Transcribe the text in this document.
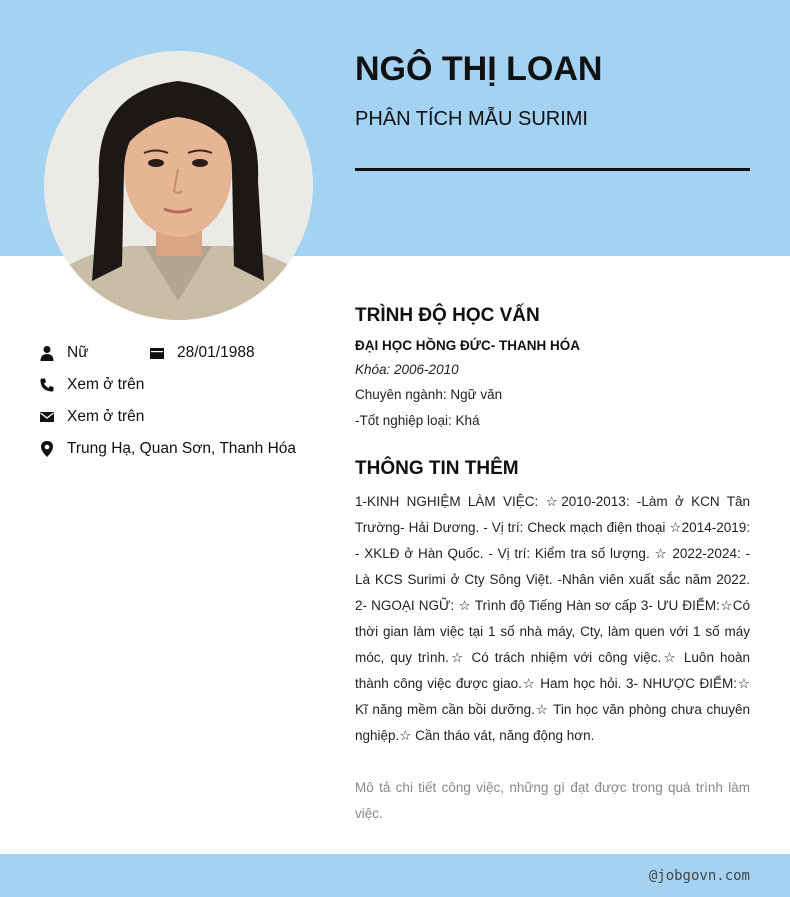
NGÔ THỊ LOAN
PHÂN TÍCH MẪU SURIMI
Nữ	28/01/1988
Xem ở trên
Xem ở trên
Trung Hạ, Quan Sơn, Thanh Hóa
TRÌNH ĐỘ HỌC VẤN
ĐẠI HỌC HỒNG ĐỨC- THANH HÓA
Khóa: 2006-2010
Chuyên ngành: Ngữ văn
-Tốt nghiệp loại: Khá
THÔNG TIN THÊM

1-KINH NGHIỆM LÀM VIỆC: ☆2010-2013: -Làm ở KCN Tân Trường- Hải Dương. - Vị trí: Check mạch điện thoại ☆2014-2019: - XKLĐ ở Hàn Quốc. - Vị trí: Kiểm tra số lượng. ☆ 2022-2024: - Là KCS Surimi ở Cty Sông Việt. -Nhân viên xuất sắc năm 2022. 2- NGOẠI NGỮ: ☆ Trình độ Tiếng Hàn sơ cấp 3- ƯU ĐIỂM:☆Có thời gian làm việc tại 1 số nhà máy, Cty, làm quen với 1 số máy móc, quy trình.☆ Có trách nhiệm với công việc.☆ Luôn hoàn thành công việc được giao.☆ Ham học hỏi. 3- NHƯỢC ĐIỂM:☆ Kĩ năng mềm cần bồi dưỡng.☆ Tin học văn phòng chưa chuyên nghiệp.☆ Cần tháo vát, năng động hơn.

Mô tả chi tiết công việc, những gì đạt được trong quá trình làm việc.

@jobgovn.com
